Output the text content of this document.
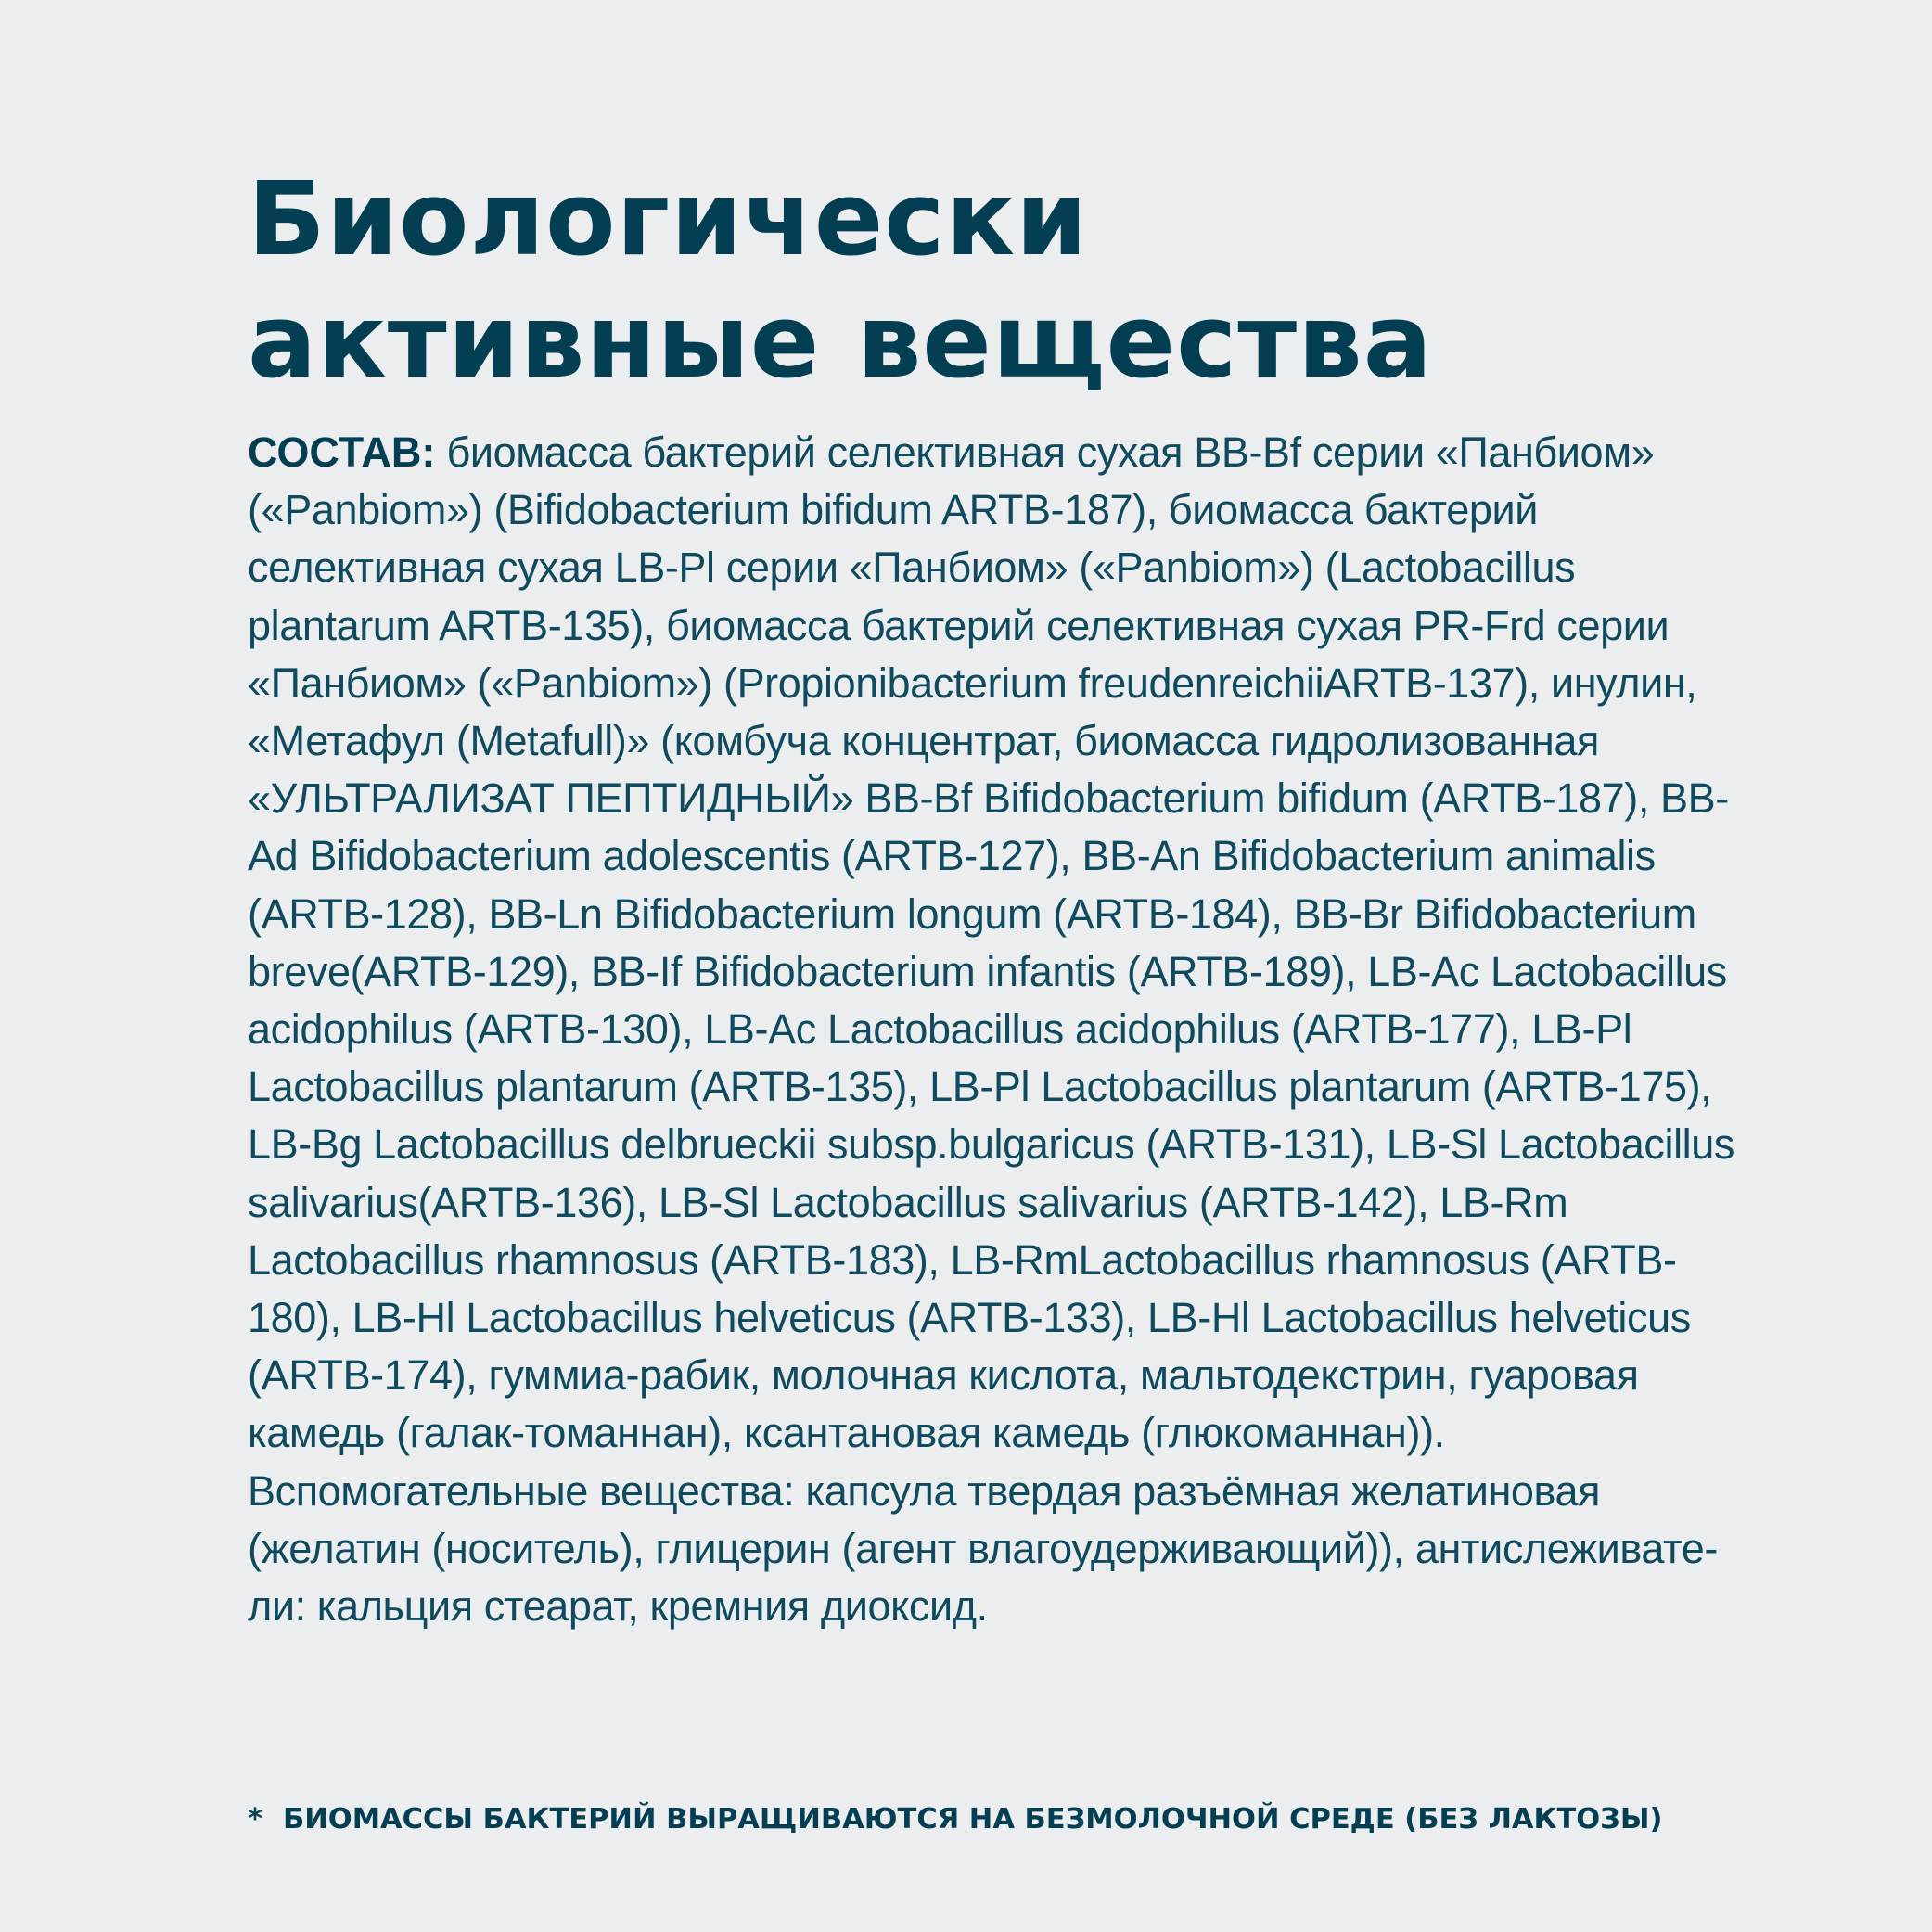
Биологически
активные вещества

СОСТАВ: биомасса бактерий селективная сухая BB-Bf серии «Панбиом» («Panbiom») (Bifidobacterium bifidum ARTB-187), биомасса бактерий селективная сухая LB-Pl серии «Панбиом» («Panbiom») (Lactobacillus plantarum ARTB-135), биомасса бактерий селективная сухая PR-Frd серии «Панбиом» («Panbiom») (Propionibacterium freudenreichiiARTB-137), инулин, «Метафул (Metafull)» (комбуча концентрат, биомасса гидролизованная «УЛЬТРАЛИЗАТ ПЕПТИДНЫЙ» BB-Bf Bifidobacterium bifidum (ARTB-187), BB-Ad Bifidobacterium adolescentis (ARTB-127), BB-An Bifidobacterium animalis (ARTB-128), BB-Ln Bifidobacterium longum (ARTB-184), BB-Br Bifidobacterium breve(ARTB-129), BB-If Bifidobacterium infantis (ARTB-189), LB-Ac Lactobacillus acidophilus (ARTB-130), LB-Ac Lactobacillus acidophilus (ARTB-177), LB-Pl Lactobacillus plantarum (ARTB-135), LB-Pl Lactobacillus plantarum (ARTB-175), LB-Bg Lactobacillus delbrueckii subsp.bulgaricus (ARTB-131), LB-Sl Lactobacillus salivarius(ARTB-136), LB-Sl Lactobacillus salivarius (ARTB-142), LB-Rm Lactobacillus rhamnosus (ARTB-183), LB-RmLactobacillus rhamnosus (ARTB-180), LB-Hl Lactobacillus helveticus (ARTB-133), LB-Hl Lactobacillus helveticus (ARTB-174), гуммиа-рабик, молочная кислота, мальтодекстрин, гуаровая камедь (галак-томаннан), ксантановая камедь (глюкоманнан)). Вспомогательные вещества: капсула твердая разъёмная желатиновая (желатин (носитель), глицерин (агент влагоудерживающий)), антислеживате-ли: кальция стеарат, кремния диоксид.

* БИОМАССЫ БАКТЕРИЙ ВЫРАЩИВАЮТСЯ НА БЕЗМОЛОЧНОЙ СРЕДЕ (БЕЗ ЛАКТОЗЫ)
